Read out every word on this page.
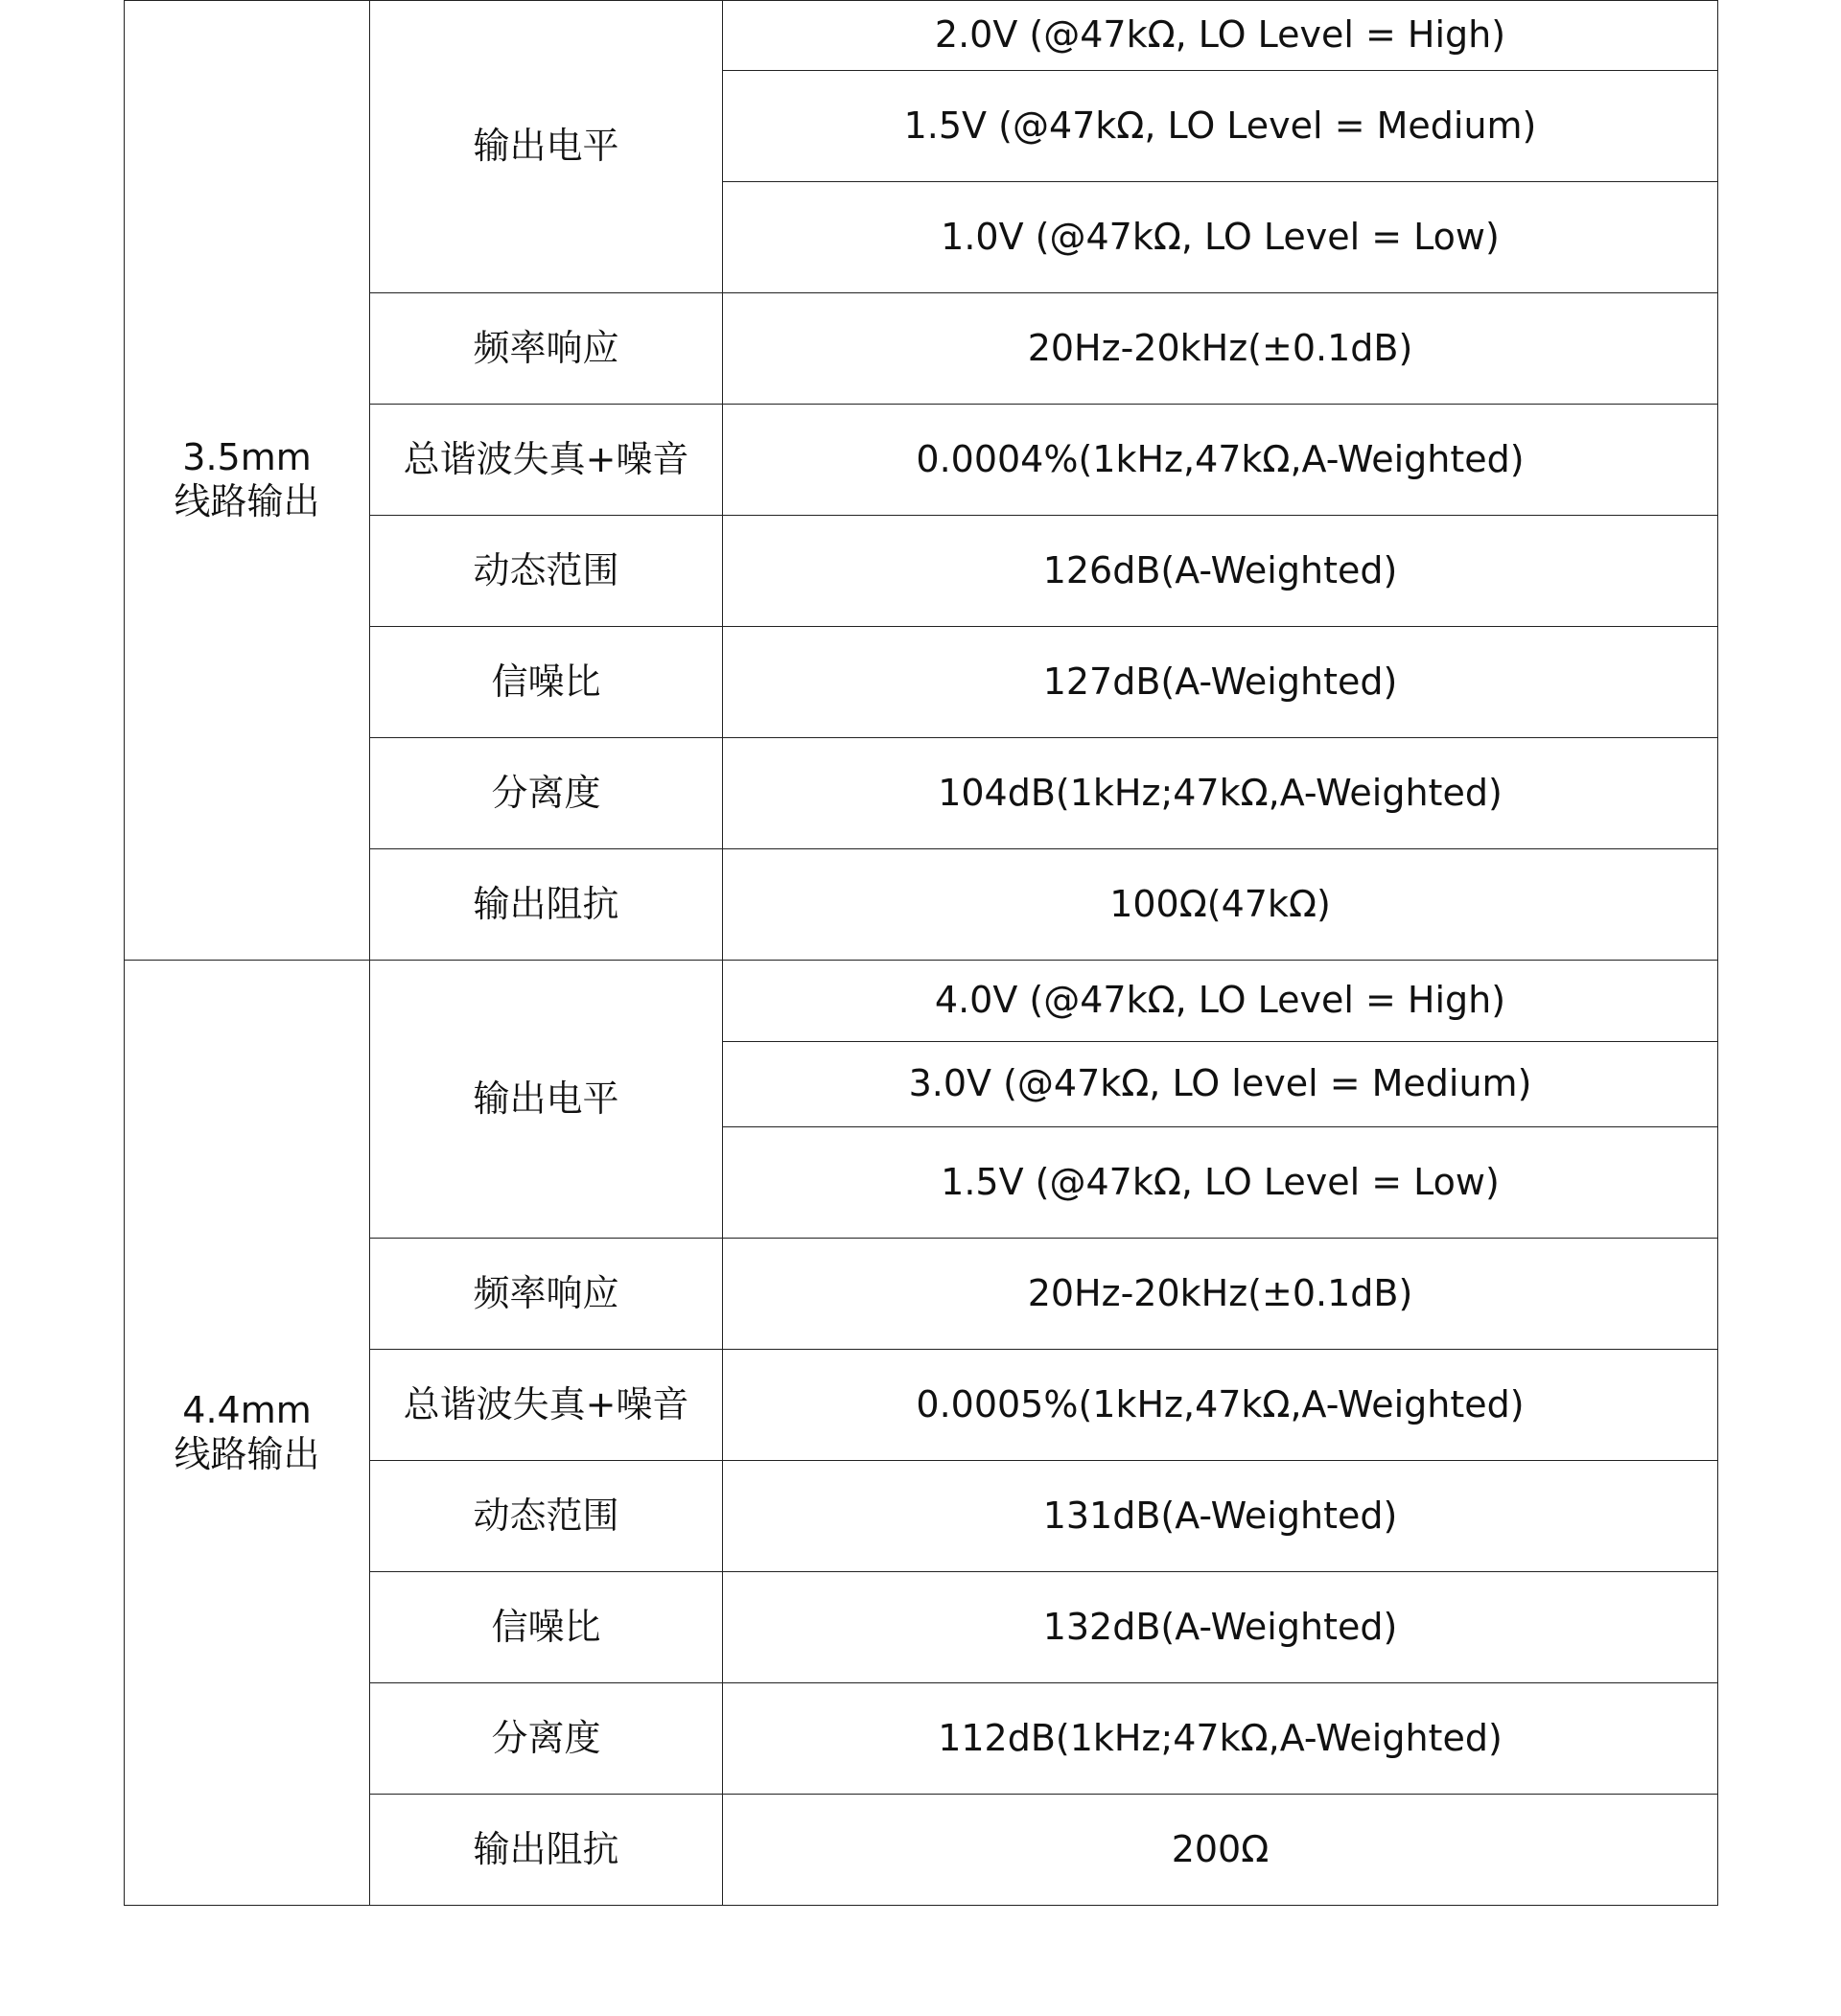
3.5mm
线路输出	输出电平	2.0V (@47kΩ, LO Level = High)
		1.5V (@47kΩ, LO Level = Medium)
		1.0V (@47kΩ, LO Level = Low)
	频率响应	20Hz-20kHz(±0.1dB)
	总谐波失真+噪音	0.0004%(1kHz,47kΩ,A-Weighted)
	动态范围	126dB(A-Weighted)
	信噪比	127dB(A-Weighted)
	分离度	104dB(1kHz;47kΩ,A-Weighted)
	输出阻抗	100Ω(47kΩ)

4.4mm
线路输出	输出电平	4.0V (@47kΩ, LO Level = High)
		3.0V (@47kΩ, LO level = Medium)
		1.5V (@47kΩ, LO Level = Low)
	频率响应	20Hz-20kHz(±0.1dB)
	总谐波失真+噪音	0.0005%(1kHz,47kΩ,A-Weighted)
	动态范围	131dB(A-Weighted)
	信噪比	132dB(A-Weighted)
	分离度	112dB(1kHz;47kΩ,A-Weighted)
	输出阻抗	200Ω
